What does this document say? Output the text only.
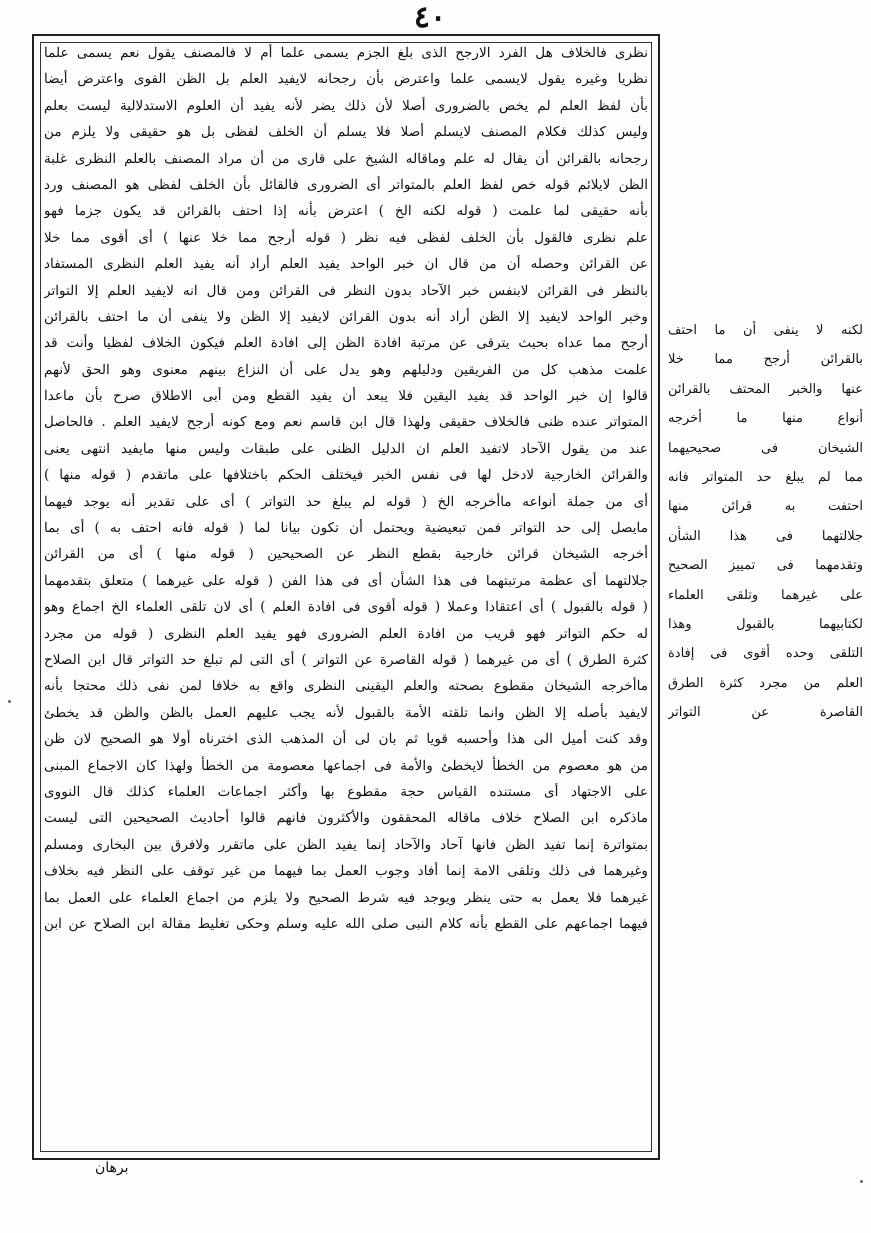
٤٠
نظرى فالخلاف هل الفرد الارجح الذى بلغ الجزم يسمى علما أم لا فالمصنف يقول نعم يسمى علما
نظريا وغيره يقول لايسمى علما واعترض بأن رجحانه لايفيد العلم بل الظن القوى واعترض أيضا
بأن لفظ العلم لم يخص بالضرورى أصلا لأن ذلك يضر لأنه يفيد أن العلوم الاستدلالية ليست بعلم
وليس كذلك فكلام المصنف لايسلم أصلا فلا يسلم أن الخلف لفظى بل هو حقيقى ولا يلزم من
رجحانه بالقرائن أن يقال له علم وماقاله الشيخ على قارى من أن مراد المصنف بالعلم النظرى غلبة
الظن لايلائم قوله خص لفظ العلم بالمتواتر أى الضرورى فالقائل بأن الخلف لفظى هو المصنف ورد
بأنه حقيقى لما علمت ( قوله لكنه الخ ) اعترض بأنه إذا احتف بالقرائن قد يكون جزما فهو
علم نظرى فالقول بأن الخلف لفظى فيه نظر ( قوله أرجح مما خلا عنها ) أى أقوى مما خلا
عن القرائن وحصله أن من قال ان خبر الواحد يفيد العلم أراد أنه يفيد العلم النظرى المستفاد
بالنظر فى القرائن لابنفس خبر الآحاد بدون النظر فى القرائن ومن قال انه لايفيد العلم إلا التواتر
وخبر الواحد لايفيد إلا الظن أراد أنه بدون القرائن لايفيد إلا الظن ولا ينفى أن ما احتف بالقرائن
أرجح مما عداه بحيث يترقى عن مرتبة افادة الظن إلى افادة العلم فيكون الخلاف لفظيا وأنت قد
علمت مذهب كل من الفريقين ودليلهم وهو يدل على أن النزاع بينهم معنوى وهو الحق لأنهم
قالوا إن خبر الواحد قد يفيد اليقين فلا يبعد أن يفيد القطع ومن أبى الاطلاق صرح بأن ماعدا
المتواتر عنده ظنى فالخلاف حقيقى ولهذا قال ابن قاسم نعم ومع كونه أرجح لايفيد العلم . فالحاصل
عند من يقول الآحاد لاتفيد العلم ان الدليل الظنى على طبقات وليس منها مايفيد انتهى يعنى
والقرائن الخارجية لادخل لها فى نفس الخبر فيختلف الحكم باختلافها على ماتقدم ( قوله منها )
أى من جملة أنواعه ماأخرجه الخ ( قوله لم يبلغ حد التواتر ) أى على تقدير أنه يوجد فيهما
مايصل إلى حد التواتر فمن تبعيضية ويحتمل أن تكون بيانا لما ( قوله فانه احتف به ) أى بما
أخرجه الشيخان قرائن خارجية بقطع النظر عن الصحيحين ( قوله منها ) أى من القرائن
جلالتهما أى عظمة مرتبتهما فى هذا الشأن أى فى هذا الفن ( قوله على غيرهما ) متعلق بتقدمهما
( قوله بالقبول ) أى اعتقادا وعملا ( قوله أقوى فى افادة العلم ) أى لان تلقى العلماء الخ اجماع وهو
له حكم التواتر فهو قريب من افادة العلم الضرورى فهو يفيد العلم النظرى ( قوله من مجرد
كثرة الطرق ) أى من غيرهما ( قوله القاصرة عن التواتر ) أى التى لم تبلغ حد التواتر قال ابن الصلاح
ماأخرجه الشيخان مقطوع بصحته والعلم اليقينى النظرى واقع به خلافا لمن نفى ذلك محتجا بأنه
لايفيد بأصله إلا الظن وانما تلقته الأمة بالقبول لأنه يجب عليهم العمل بالظن والظن قد يخطئ
وقد كنت أميل الى هذا وأحسبه قويا ثم بان لى أن المذهب الذى اخترناه أولا هو الصحيح لان ظن
من هو معصوم من الخطأ لايخطئ والأمة فى اجماعها معصومة من الخطأ ولهذا كان الاجماع المبنى
على الاجتهاد أى مستنده القياس حجة مقطوع بها وأكثر اجماعات العلماء كذلك قال النووى
ماذكره ابن الصلاح خلاف ماقاله المحققون والأكثرون فانهم قالوا أحاديث الصحيحين التى ليست
بمتواترة إنما تفيد الظن فانها آحاد والآحاد إنما يفيد الظن على ماتقرر ولافرق بين البخارى ومسلم
وغيرهما فى ذلك وتلقى الامة إنما أفاد وجوب العمل بما فيهما من غير توقف على النظر فيه بخلاف
غيرهما فلا يعمل به حتى ينظر ويوجد فيه شرط الصحيح ولا يلزم من اجماع العلماء على العمل بما
فيهما اجماعهم على القطع بأنه كلام النبى صلى الله عليه وسلم وحكى تغليط مقالة ابن الصلاح عن ابن
لكنه لا ينفى أن ما احتف
بالقرائن أرجح مما خلا
عنها والخبر المحتف بالقرائن
أنواع منها ما أخرجه
الشيخان فى صحيحيهما
مما لم يبلغ حد المتواتر فانه
احتفت به قرائن منها
جلالتهما فى هذا الشأن
وتقدمهما فى تمييز الصحيح
على غيرهما وتلقى العلماء
لكتابيهما بالقبول وهذا
التلقى وحده أقوى فى إفادة
العلم من مجرد كثرة الطرق
القاصرة عن التواتر
برهان
